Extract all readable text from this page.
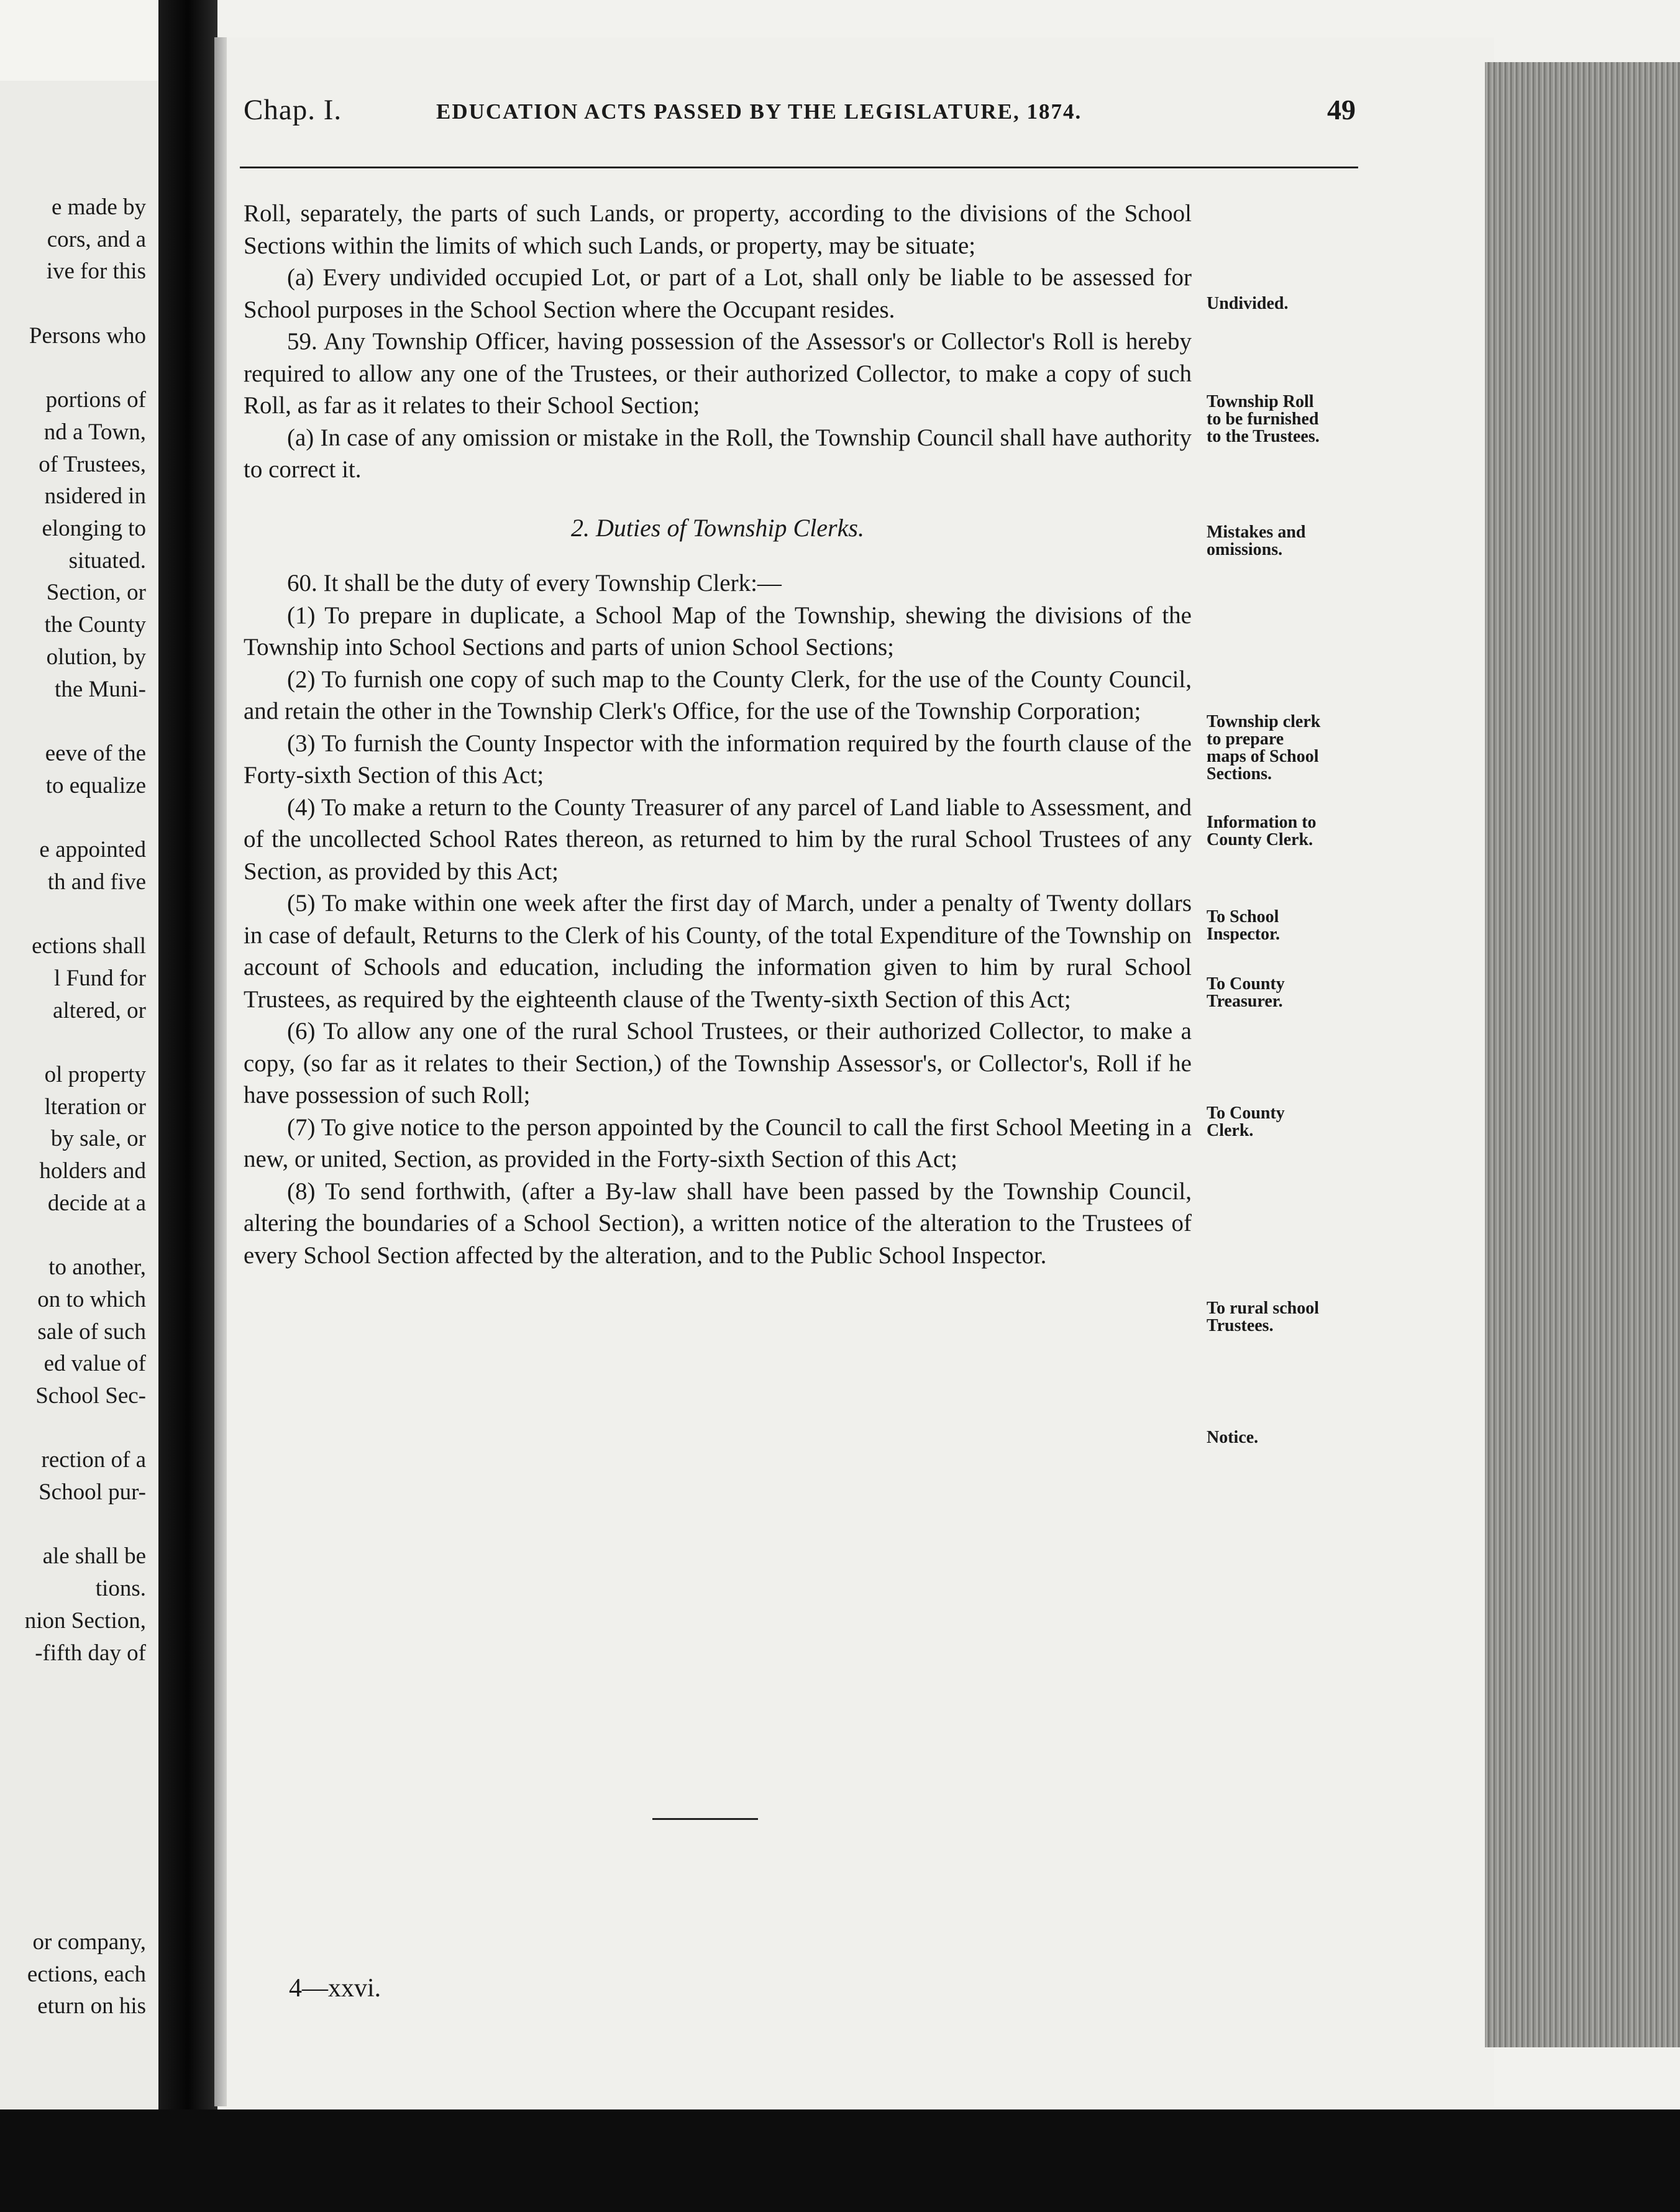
e made by
cors, and a
ive for this
Persons who
portions of
nd a Town,
of Trustees,
nsidered in
elonging to
situated.
Section, or
the County
olution, by
the Muni-
eeve of the
to equalize
e appointed
th and five
ections shall
l Fund for
altered, or
ol property
lteration or
by sale, or
holders and
decide at a
to another,
on to which
sale of such
ed value of
School Sec-
rection of a
School pur-
ale shall be
tions.
nion Section,
-fifth day of
or company,
ections, each
eturn on his
Chap. I.	EDUCATION ACTS PASSED BY THE LEGISLATURE, 1874.	49

Roll, separately, the parts of such Lands, or property, according to the divisions of the School Sections within the limits of which such Lands, or property, may be situate;

(a) Every undivided occupied Lot, or part of a Lot, shall only be liable to be assessed for School purposes in the School Section where the Occupant resides.

59. Any Township Officer, having possession of the Assessor's or Collector's Roll is hereby required to allow any one of the Trustees, or their authorized Collector, to make a copy of such Roll, as far as it relates to their School Section;

(a) In case of any omission or mistake in the Roll, the Township Council shall have authority to correct it.

2. Duties of Township Clerks.

60. It shall be the duty of every Township Clerk:—

(1) To prepare in duplicate, a School Map of the Township, shewing the divisions of the Township into School Sections and parts of union School Sections;

(2) To furnish one copy of such map to the County Clerk, for the use of the County Council, and retain the other in the Township Clerk's Office, for the use of the Township Corporation;

(3) To furnish the County Inspector with the information required by the fourth clause of the Forty-sixth Section of this Act;

(4) To make a return to the County Treasurer of any parcel of Land liable to Assessment, and of the uncollected School Rates thereon, as returned to him by the rural School Trustees of any Section, as provided by this Act;

(5) To make within one week after the first day of March, under a penalty of Twenty dollars in case of default, Returns to the Clerk of his County, of the total Expenditure of the Township on account of Schools and education, including the information given to him by rural School Trustees, as required by the eighteenth clause of the Twenty-sixth Section of this Act;

(6) To allow any one of the rural School Trustees, or their authorized Collector, to make a copy, (so far as it relates to their Section,) of the Township Assessor's, or Collector's, Roll if he have possession of such Roll;

(7) To give notice to the person appointed by the Council to call the first School Meeting in a new, or united, Section, as provided in the Forty-sixth Section of this Act;

(8) To send forthwith, (after a By-law shall have been passed by the Township Council, altering the boundaries of a School Section), a written notice of the alteration to the Trustees of every School Section affected by the alteration, and to the Public School Inspector.

Undivided.
Township Roll
to be furnished
to the Trustees.
Mistakes and
omissions.
Township clerk
to prepare
maps of School
Sections.
Information to
County Clerk.
To School
Inspector.
To County
Treasurer.
To County
Clerk.
To rural school
Trustees.
Notice.
4—xxvi.
